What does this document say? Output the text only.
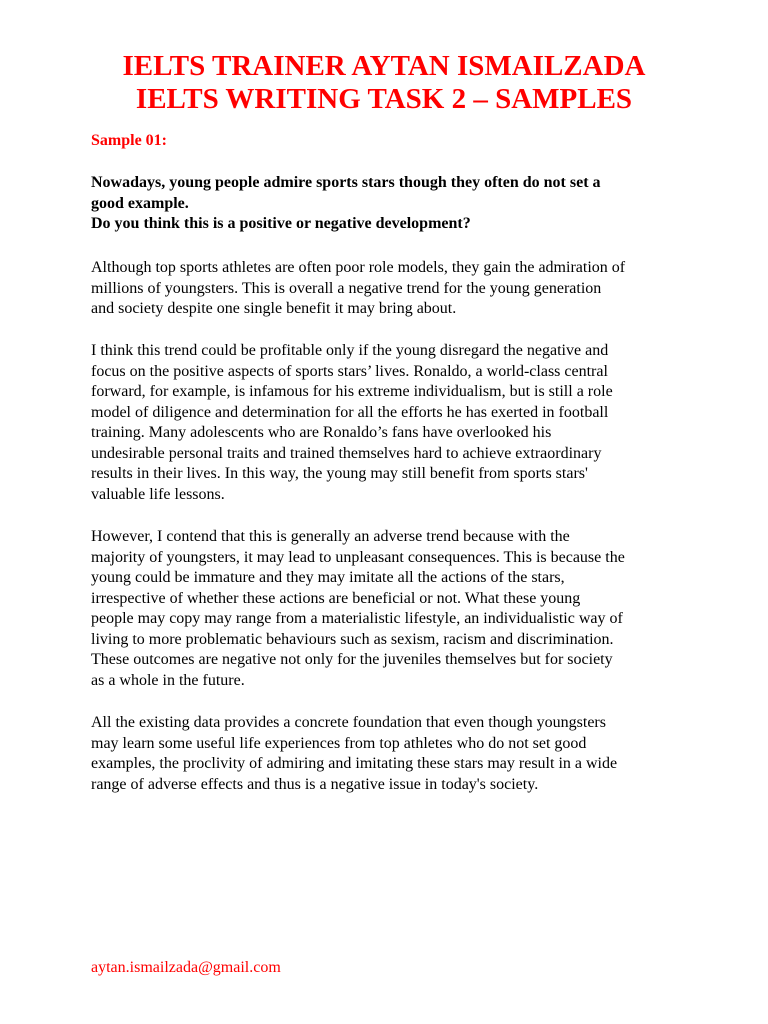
IELTS TRAINER AYTAN ISMAILZADA
IELTS WRITING TASK 2 – SAMPLES
Sample 01:
Nowadays, young people admire sports stars though they often do not set a
good example.
Do you think this is a positive or negative development?
Although top sports athletes are often poor role models, they gain the admiration of
millions of youngsters. This is overall a negative trend for the young generation
and society despite one single benefit it may bring about.
I think this trend could be profitable only if the young disregard the negative and
focus on the positive aspects of sports stars’ lives. Ronaldo, a world-class central
forward, for example, is infamous for his extreme individualism, but is still a role
model of diligence and determination for all the efforts he has exerted in football
training. Many adolescents who are Ronaldo’s fans have overlooked his
undesirable personal traits and trained themselves hard to achieve extraordinary
results in their lives. In this way, the young may still benefit from sports stars'
valuable life lessons.
However, I contend that this is generally an adverse trend because with the
majority of youngsters, it may lead to unpleasant consequences. This is because the
young could be immature and they may imitate all the actions of the stars,
irrespective of whether these actions are beneficial or not. What these young
people may copy may range from a materialistic lifestyle, an individualistic way of
living to more problematic behaviours such as sexism, racism and discrimination.
These outcomes are negative not only for the juveniles themselves but for society
as a whole in the future.
All the existing data provides a concrete foundation that even though youngsters
may learn some useful life experiences from top athletes who do not set good
examples, the proclivity of admiring and imitating these stars may result in a wide
range of adverse effects and thus is a negative issue in today's society.
aytan.ismailzada@gmail.com
